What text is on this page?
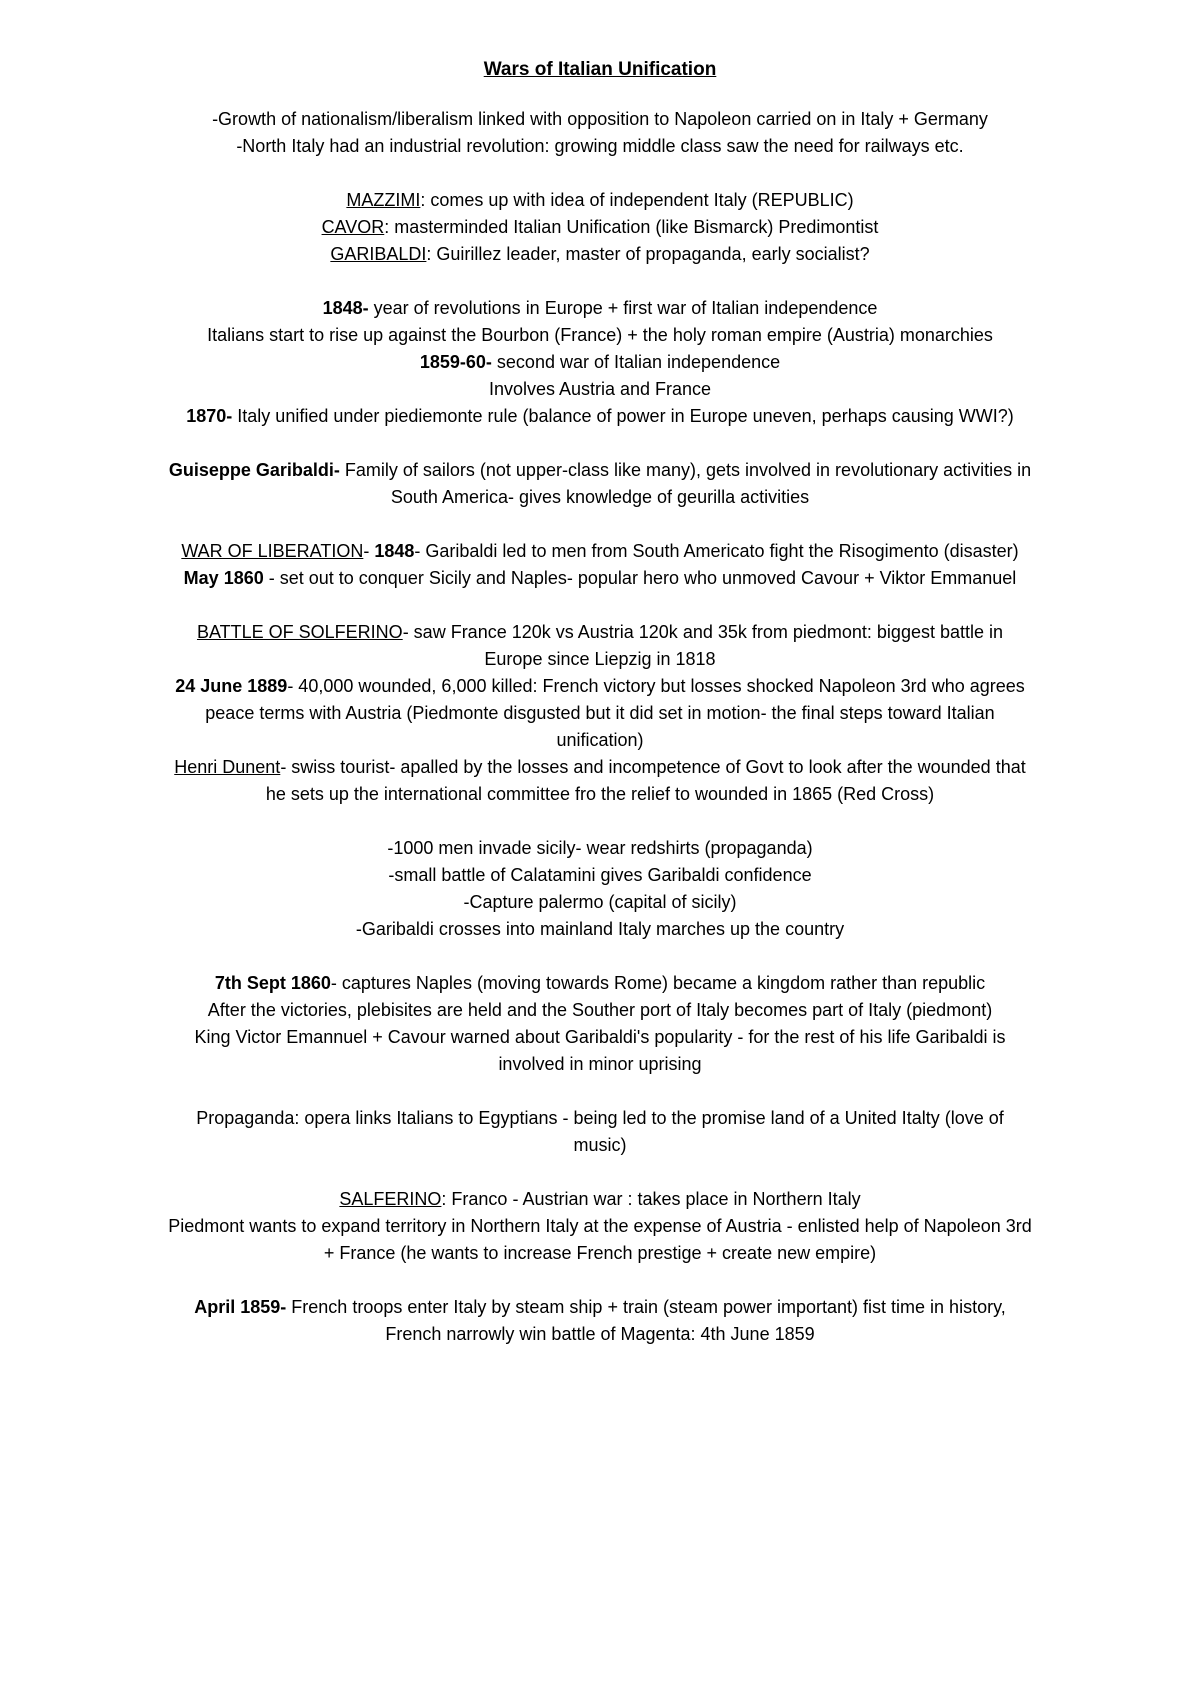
Wars of Italian Unification
-Growth of nationalism/liberalism linked with opposition to Napoleon carried on in Italy + Germany
-North Italy had an industrial revolution: growing middle class saw the need for railways etc.
MAZZIMI: comes up with idea of independent Italy (REPUBLIC)
CAVOR: masterminded Italian Unification (like Bismarck) Predimontist
GARIBALDI: Guirillez leader, master of propaganda, early socialist?
1848- year of revolutions in Europe + first war of Italian independence
Italians start to rise up against the Bourbon (France) + the holy roman empire (Austria) monarchies
1859-60- second war of Italian independence
Involves Austria and France
1870- Italy unified under piediemonte rule (balance of power in Europe uneven, perhaps causing WWI?)
Guiseppe Garibaldi- Family of sailors (not upper-class like many), gets involved in revolutionary activities in
South America- gives knowledge of geurilla activities
WAR OF LIBERATION- 1848- Garibaldi led to men from South Americato fight the Risogimento (disaster)
May 1860 - set out to conquer Sicily and Naples- popular hero who unmoved Cavour + Viktor Emmanuel
BATTLE OF SOLFERINO- saw France 120k vs Austria 120k and 35k from piedmont: biggest battle in
Europe since Liepzig in 1818
24 June 1889- 40,000 wounded, 6,000 killed: French victory but losses shocked Napoleon 3rd who agrees
peace terms with Austria (Piedmonte disgusted but it did set in motion- the final steps toward Italian
unification)
Henri Dunent- swiss tourist- apalled by the losses and incompetence of Govt to look after the wounded that
he sets up the international committee fro the relief to wounded in 1865 (Red Cross)
-1000 men invade sicily- wear redshirts (propaganda)
-small battle of Calatamini gives Garibaldi confidence
-Capture palermo (capital of sicily)
-Garibaldi crosses into mainland Italy marches up the country
7th Sept 1860- captures Naples (moving towards Rome) became a kingdom rather than republic
After the victories, plebisites are held and the Souther port of Italy becomes part of Italy (piedmont)
King Victor Emannuel + Cavour warned about Garibaldi's popularity - for the rest of his life Garibaldi is
involved in minor uprising
Propaganda: opera links Italians to Egyptians - being led to the promise land of a United Italty (love of
music)
SALFERINO: Franco - Austrian war : takes place in Northern Italy
Piedmont wants to expand territory in Northern Italy at the expense of Austria - enlisted help of Napoleon 3rd
+ France (he wants to increase French prestige + create new empire)
April 1859- French troops enter Italy by steam ship + train (steam power important) fist time in history,
French narrowly win battle of Magenta: 4th June 1859
